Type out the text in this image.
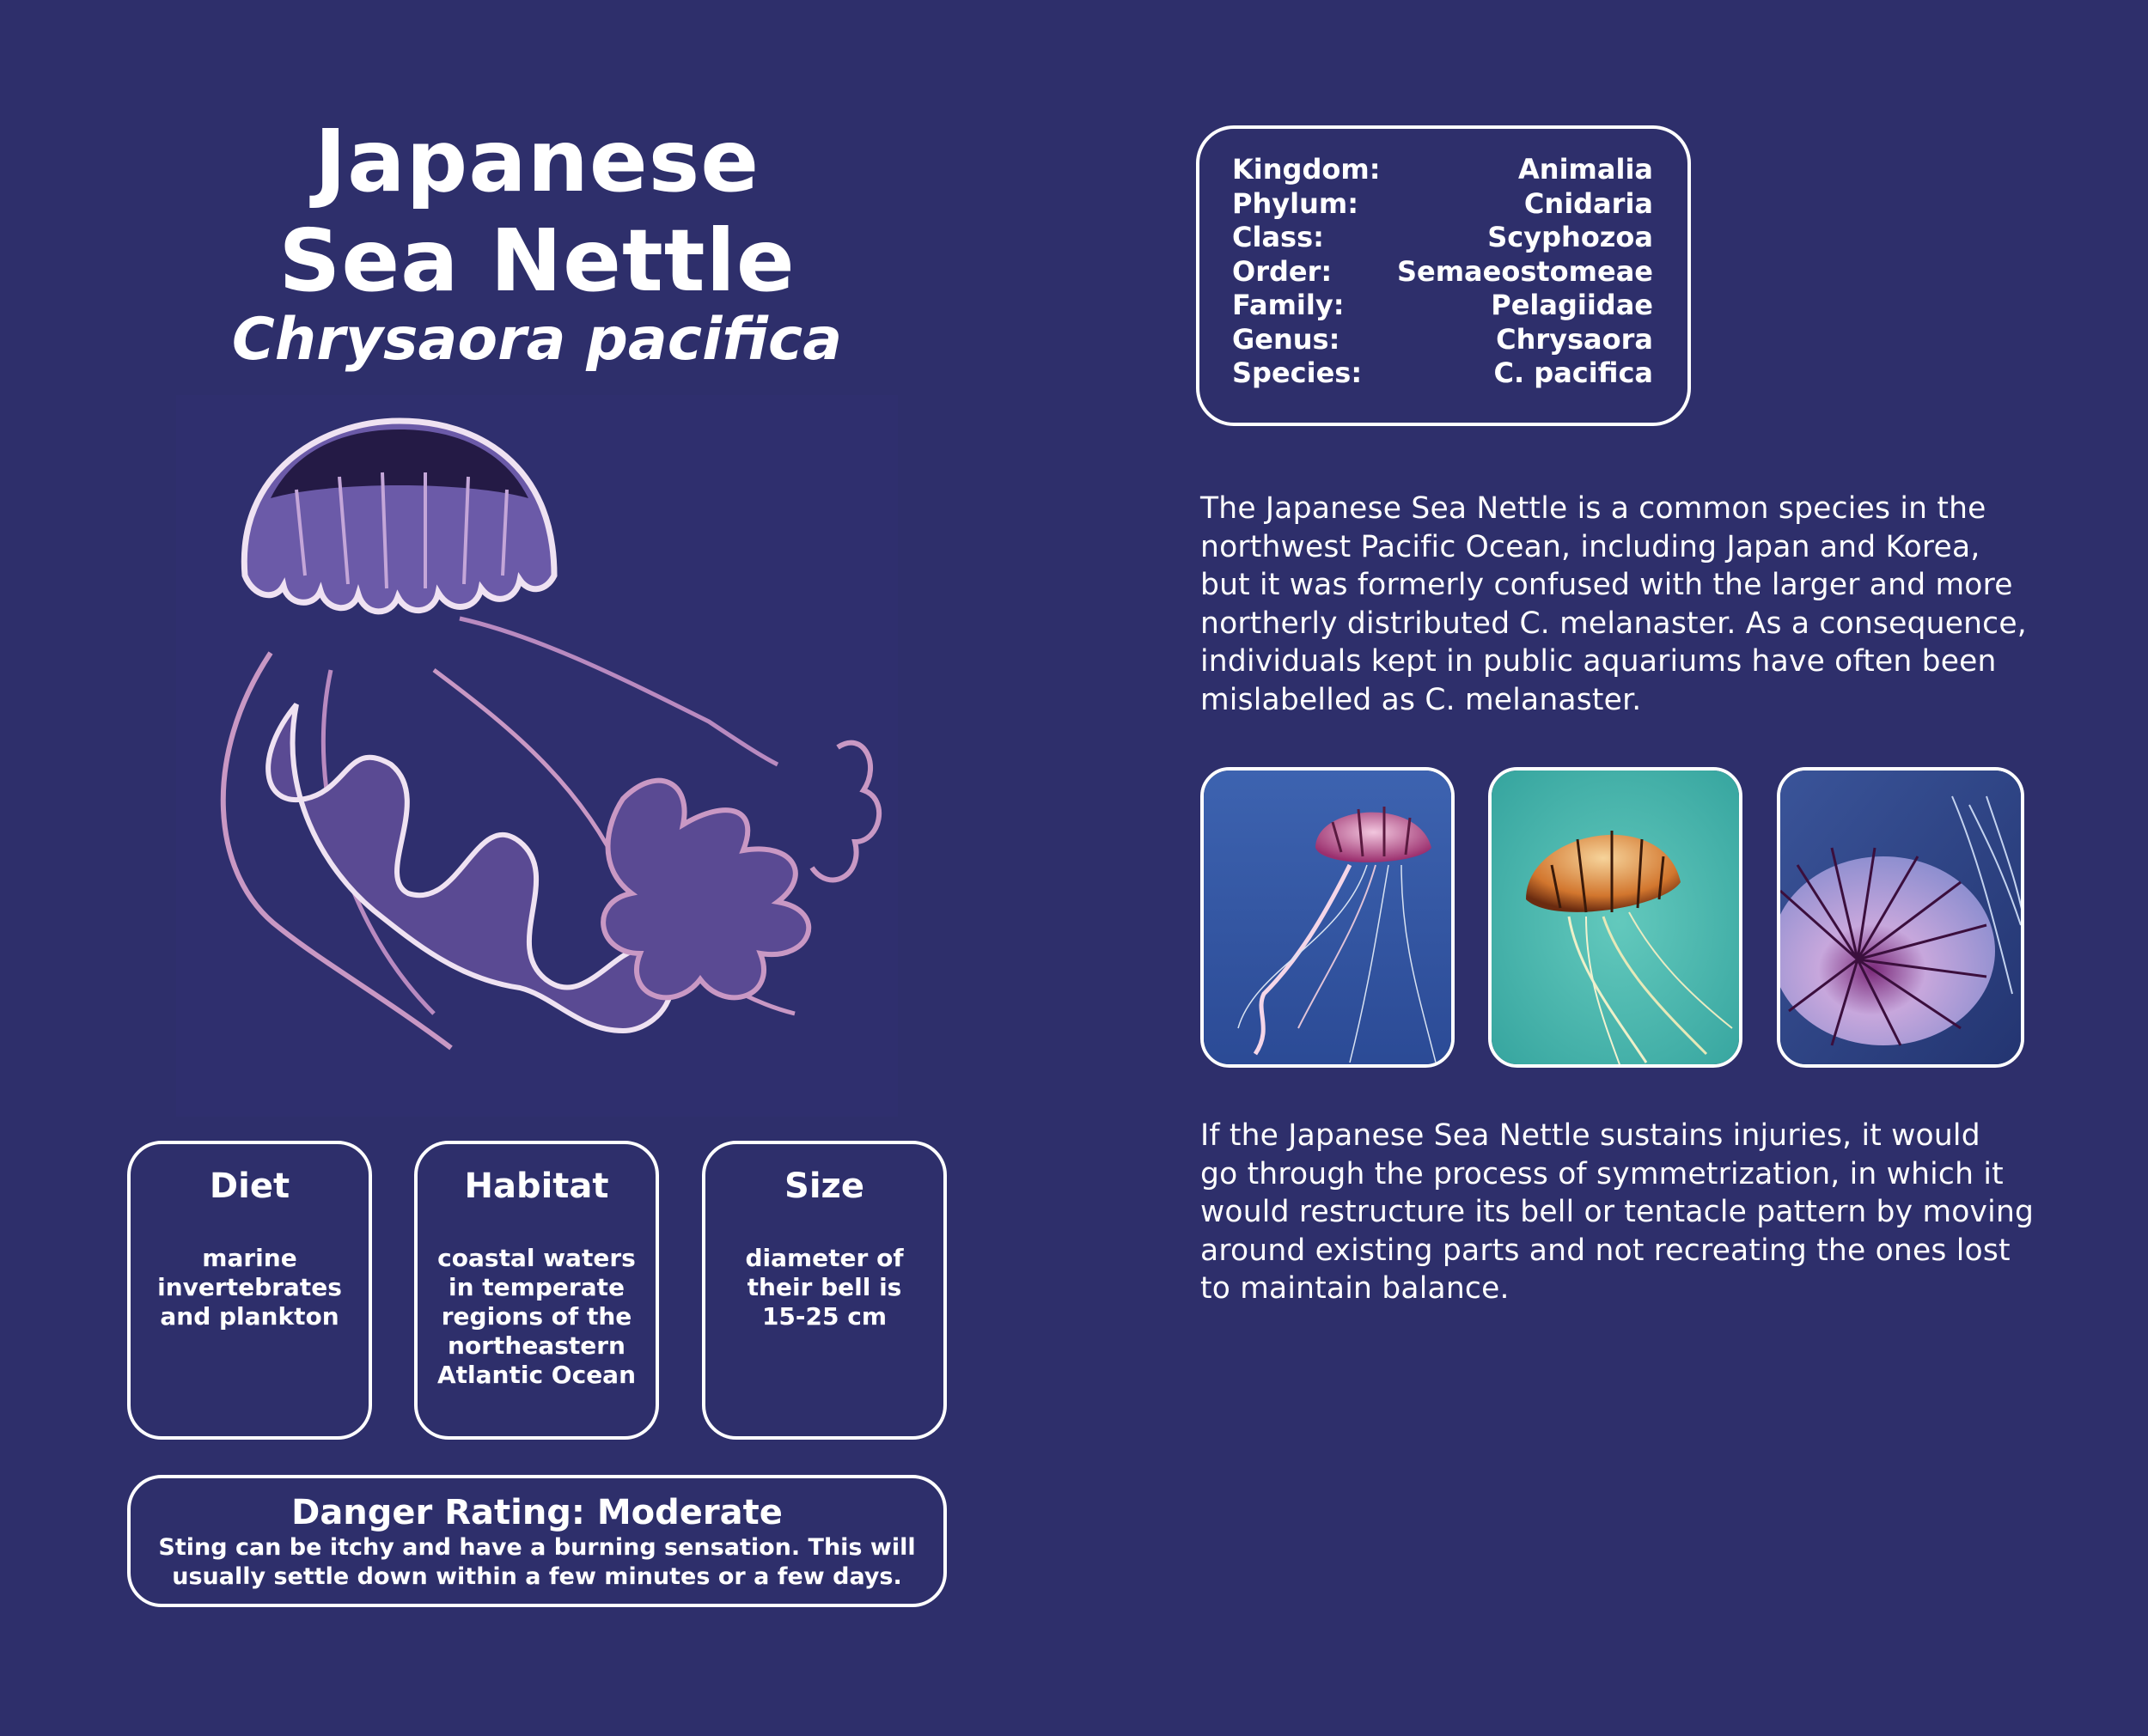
Japanese
Sea Nettle
Chrysaora pacifica
Diet
marine
invertebrates
and plankton
Habitat
coastal waters
in temperate
regions of the
northeastern
Atlantic Ocean
Size
diameter of
their bell is
15-25 cm
Danger Rating: Moderate
Sting can be itchy and have a burning sensation. This will
usually settle down within a few minutes or a few days.
Kingdom:	Animalia
Phylum:	Cnidaria
Class:	Scyphozoa
Order: Semaeostomeae
Family:	Pelagiidae
Genus:	Chrysaora
Species:	C. pacifica
The Japanese Sea Nettle is a common species in the
northwest Pacific Ocean, including Japan and Korea,
but it was formerly confused with the larger and more
northerly distributed C. melanaster. As a consequence,
individuals kept in public aquariums have often been
mislabelled as C. melanaster.
If the Japanese Sea Nettle sustains injuries, it would
go through the process of symmetrization, in which it
would restructure its bell or tentacle pattern by moving
around existing parts and not recreating the ones lost
to maintain balance.
